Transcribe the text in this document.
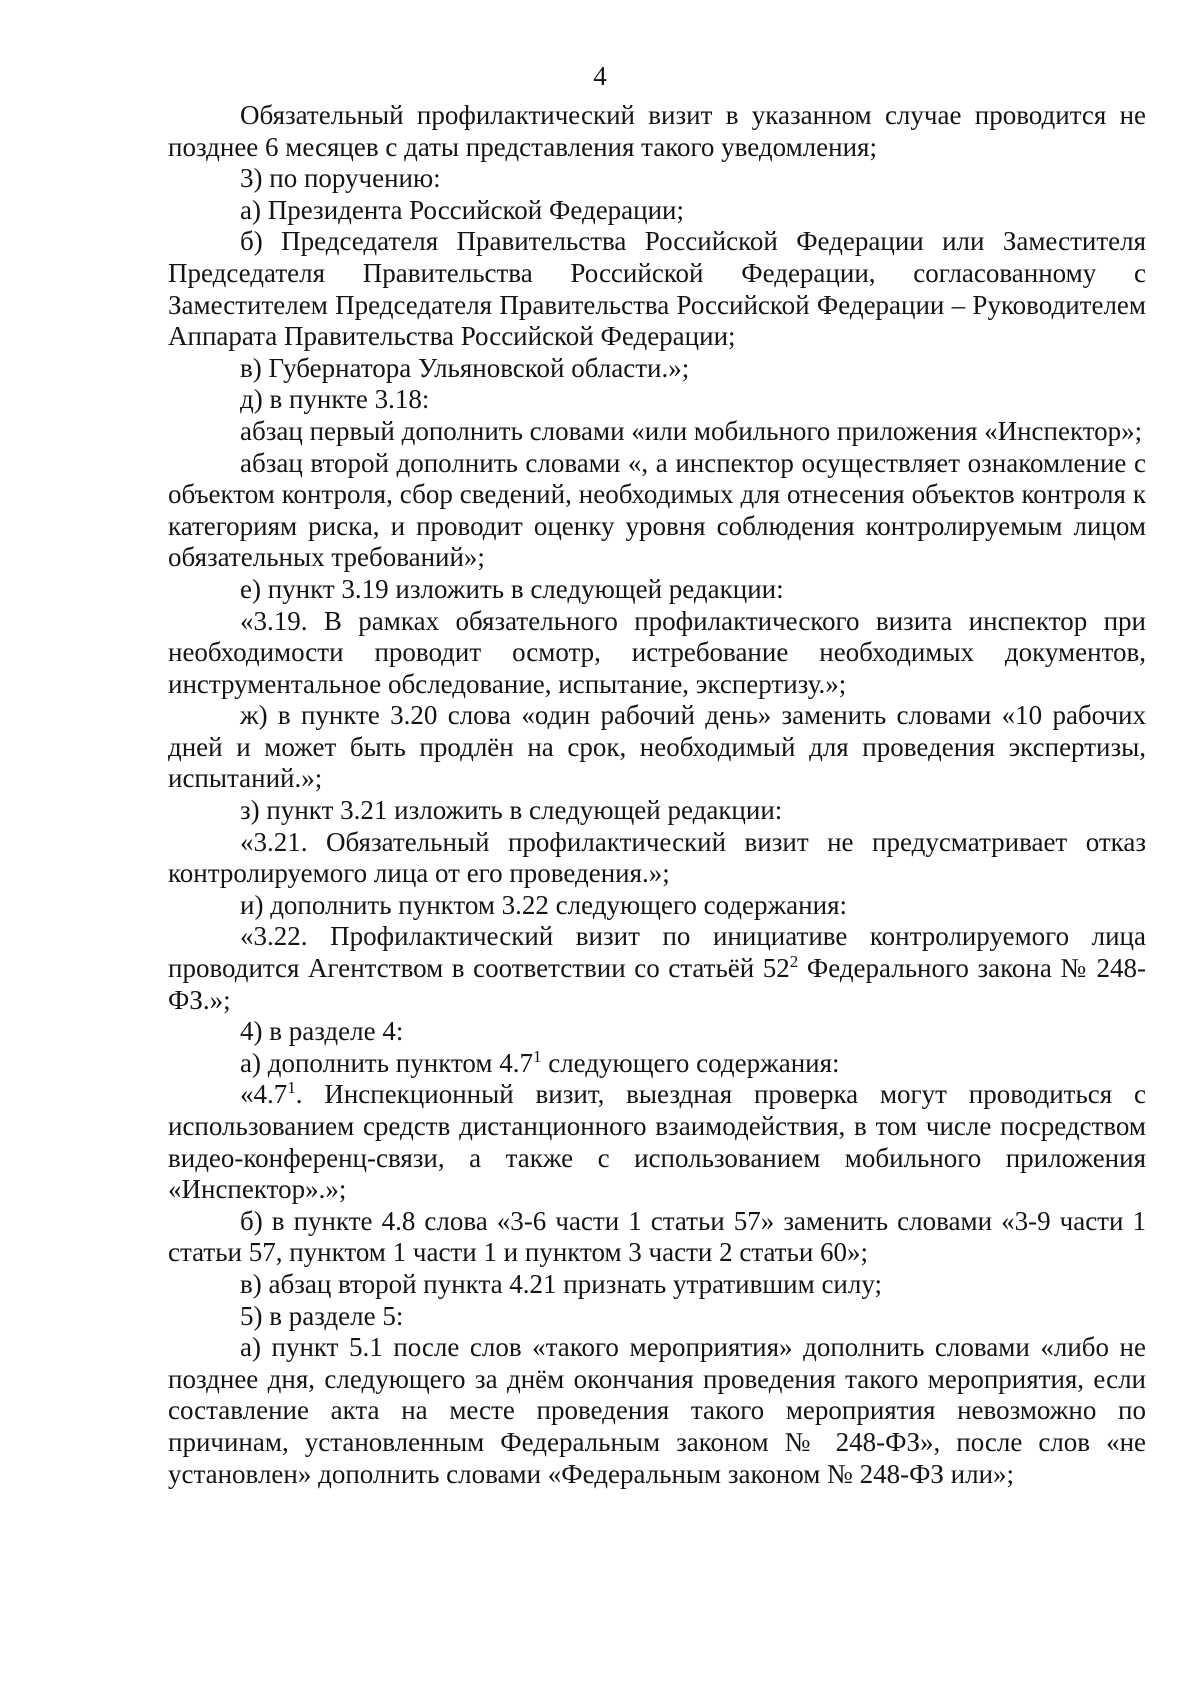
4

Обязательный профилактический визит в указанном случае проводится не позднее 6 месяцев с даты представления такого уведомления;

3) по поручению:

а) Президента Российской Федерации;

б) Председателя Правительства Российской Федерации или Заместителя Председателя Правительства Российской Федерации, согласованному с Заместителем Председателя Правительства Российской Федерации – Руководителем Аппарата Правительства Российской Федерации;

в) Губернатора Ульяновской области.»;

д) в пункте 3.18:

абзац первый дополнить словами «или мобильного приложения «Инспектор»;

абзац второй дополнить словами «, а инспектор осуществляет ознакомление с объектом контроля, сбор сведений, необходимых для отнесения объектов контроля к категориям риска, и проводит оценку уровня соблюдения контролируемым лицом обязательных требований»;

е) пункт 3.19 изложить в следующей редакции:

«3.19. В рамках обязательного профилактического визита инспектор при необходимости проводит осмотр, истребование необходимых документов, инструментальное обследование, испытание, экспертизу.»;

ж) в пункте 3.20 слова «один рабочий день» заменить словами «10 рабочих дней и может быть продлён на срок, необходимый для проведения экспертизы, испытаний.»;

з) пункт 3.21 изложить в следующей редакции:

«3.21. Обязательный профилактический визит не предусматривает отказ контролируемого лица от его проведения.»;

и) дополнить пунктом 3.22 следующего содержания:

«3.22. Профилактический визит по инициативе контролируемого лица проводится Агентством в соответствии со статьёй $52^2$ Федерального закона № 248-ФЗ.»;

4) в разделе 4:

а) дополнить пунктом $4.7^1$ следующего содержания:

«$4.7^1$. Инспекционный визит, выездная проверка могут проводиться с использованием средств дистанционного взаимодействия, в том числе посредством видео-конференц-связи, а также с использованием мобильного приложения «Инспектор».»;

б) в пункте 4.8 слова «3-6 части 1 статьи 57» заменить словами «3-9 части 1 статьи 57, пунктом 1 части 1 и пунктом 3 части 2 статьи 60»;

в) абзац второй пункта 4.21 признать утратившим силу;

5) в разделе 5:

а) пункт 5.1 после слов «такого мероприятия» дополнить словами «либо не позднее дня, следующего за днём окончания проведения такого мероприятия, если составление акта на месте проведения такого мероприятия невозможно по причинам, установленным Федеральным законом № 248-ФЗ», после слов «не установлен» дополнить словами «Федеральным законом № 248-ФЗ или»;
